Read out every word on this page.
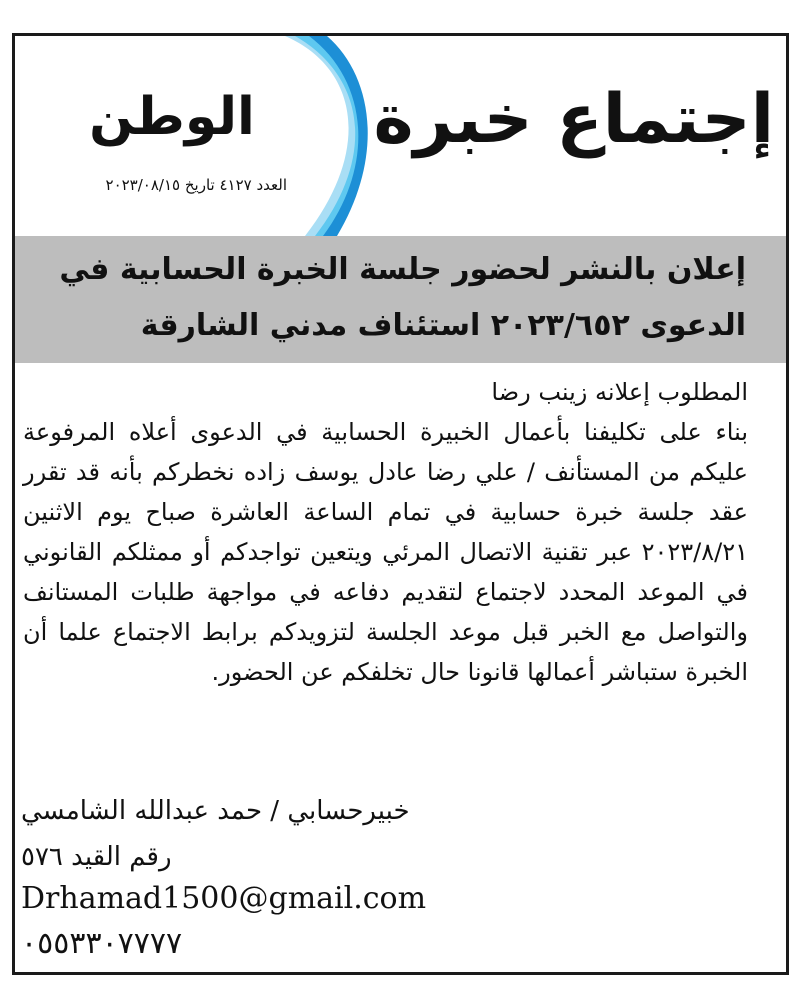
إجتماع خبرة
الوطن
العدد ٤١٢٧ تاريخ ٢٠٢٣/٠٨/١٥
إعلان بالنشر لحضور جلسة الخبرة الحسابية في
الدعوى ٢٠٢٣/٦٥٢ استئناف مدني الشارقة

المطلوب إعلانه زينب رضا

بناء على تكليفنا بأعمال الخبيرة الحسابية في الدعوى أعلاه المرفوعة عليكم من المستأنف / علي رضا عادل يوسف زاده نخطركم بأنه قد تقرر عقد جلسة خبرة حسابية في تمام الساعة العاشرة صباح يوم الاثنين ٢٠٢٣/٨/٢١ عبر تقنية الاتصال المرئي ويتعين تواجدكم أو ممثلكم القانوني في الموعد المحدد لاجتماع لتقديم دفاعه في مواجهة طلبات المستانف والتواصل مع الخبر قبل موعد الجلسة لتزويدكم برابط الاجتماع علما أن الخبرة ستباشر أعمالها قانونا حال تخلفكم عن الحضور.

خبيرحسابي / حمد عبدالله الشامسي
رقم القيد ٥٧٦
Drhamad1500@gmail.com
٠٥٥٣٣٠٧٧٧٧
